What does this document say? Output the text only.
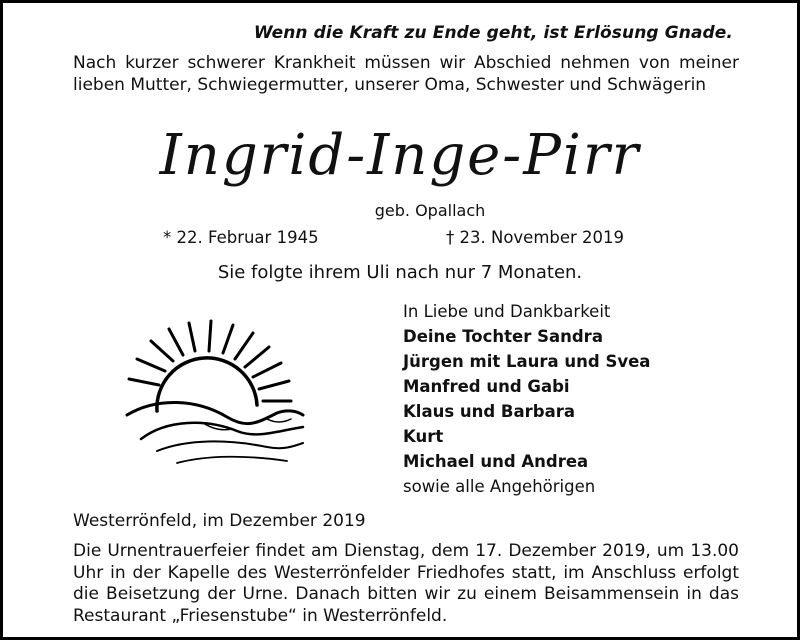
Wenn die Kraft zu Ende geht, ist Erlösung Gnade.
Nach kurzer schwerer Krankheit müssen wir Abschied nehmen von meiner lieben Mutter, Schwiegermutter, unserer Oma, Schwester und Schwägerin
Ingrid-Inge-Pirr
geb. Opallach
* 22. Februar 1945	† 23. November 2019
Sie folgte ihrem Uli nach nur 7 Monaten.
In Liebe und Dankbarkeit
Deine Tochter Sandra
Jürgen mit Laura und Svea
Manfred und Gabi
Klaus und Barbara
Kurt
Michael und Andrea
sowie alle Angehörigen
Westerrönfeld, im Dezember 2019
Die Urnentrauerfeier findet am Dienstag, dem 17. Dezember 2019, um 13.00 Uhr in der Kapelle des Westerrönfelder Friedhofes statt, im Anschluss erfolgt die Beisetzung der Urne. Danach bitten wir zu einem Beisammensein in das Restaurant „Friesenstube“ in Westerrönfeld.
